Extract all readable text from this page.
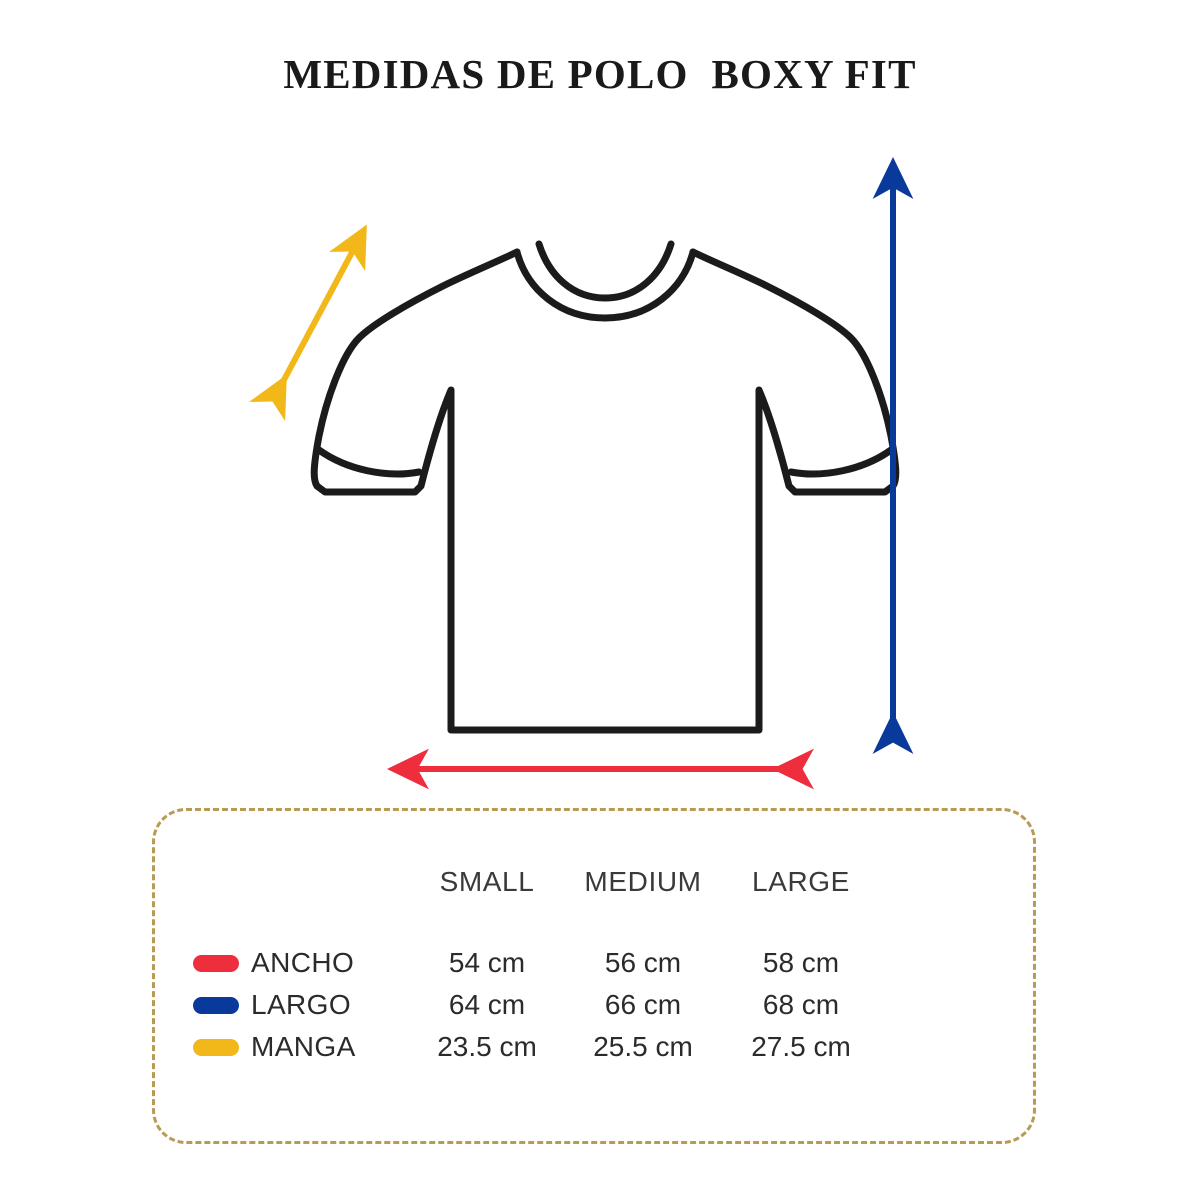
MEDIDAS DE POLO  BOXY FIT
SMALL	MEDIUM	LARGE
ANCHO	54 cm	56 cm	58 cm
LARGO	64 cm	66 cm	68 cm
MANGA	23.5 cm	25.5 cm	27.5 cm
